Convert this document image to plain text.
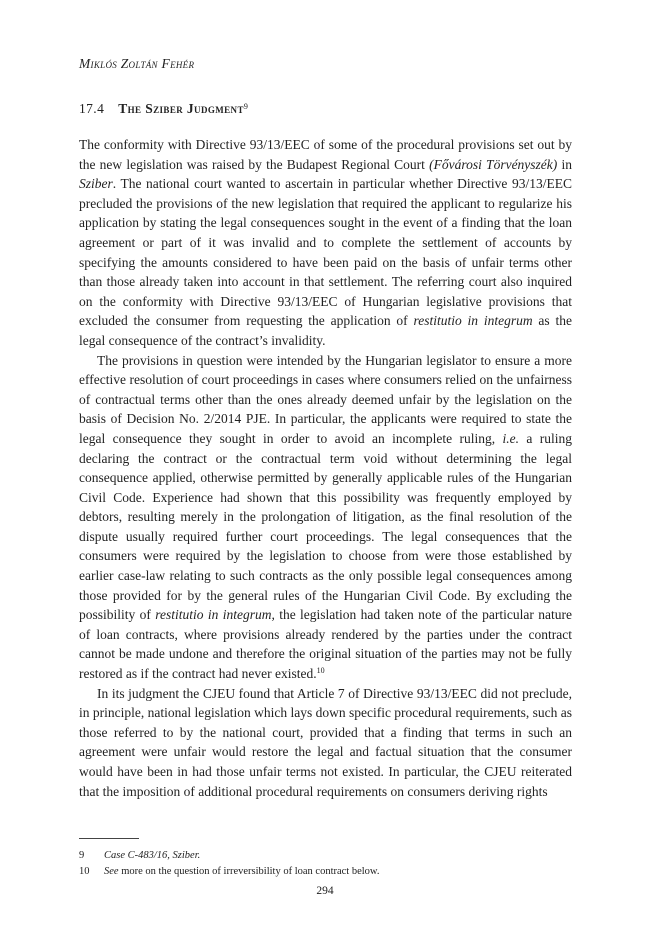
Miklós Zoltán Fehér
17.4 The Sziber Judgment$^9$

The conformity with Directive 93/13/EEC of some of the procedural provisions set out by the new legislation was raised by the Budapest Regional Court (Fővárosi Törvényszék) in Sziber. The national court wanted to ascertain in particular whether Directive 93/13/EEC precluded the provisions of the new legislation that required the applicant to regularize his application by stating the legal consequences sought in the event of a finding that the loan agreement or part of it was invalid and to complete the settlement of accounts by specifying the amounts considered to have been paid on the basis of unfair terms other than those already taken into account in that settlement. The referring court also inquired on the conformity with Directive 93/13/EEC of Hungarian legislative provisions that excluded the consumer from requesting the application of restitutio in integrum as the legal consequence of the contract’s invalidity.

The provisions in question were intended by the Hungarian legislator to ensure a more effective resolution of court proceedings in cases where consumers relied on the unfairness of contractual terms other than the ones already deemed unfair by the legislation on the basis of Decision No. 2/2014 PJE. In particular, the applicants were required to state the legal consequence they sought in order to avoid an incomplete ruling, i.e. a ruling declaring the contract or the contractual term void without determining the legal consequence applied, otherwise permitted by generally applicable rules of the Hungarian Civil Code. Experience had shown that this possibility was frequently employed by debtors, resulting merely in the prolongation of litigation, as the final resolution of the dispute usually required further court proceedings. The legal consequences that the consumers were required by the legislation to choose from were those established by earlier case-law relating to such contracts as the only possible legal consequences among those provided for by the general rules of the Hungarian Civil Code. By excluding the possibility of restitutio in integrum, the legislation had taken note of the particular nature of loan contracts, where provisions already rendered by the parties under the contract cannot be made undone and therefore the original situation of the parties may not be fully restored as if the contract had never existed.$^{10}$

In its judgment the CJEU found that Article 7 of Directive 93/13/EEC did not preclude, in principle, national legislation which lays down specific procedural requirements, such as those referred to by the national court, provided that a finding that terms in such an agreement were unfair would restore the legal and factual situation that the consumer would have been in had those unfair terms not existed. In particular, the CJEU reiterated that the imposition of additional procedural requirements on consumers deriving rights

9	Case C-483/16, Sziber.
10	See more on the question of irreversibility of loan contract below.
294
